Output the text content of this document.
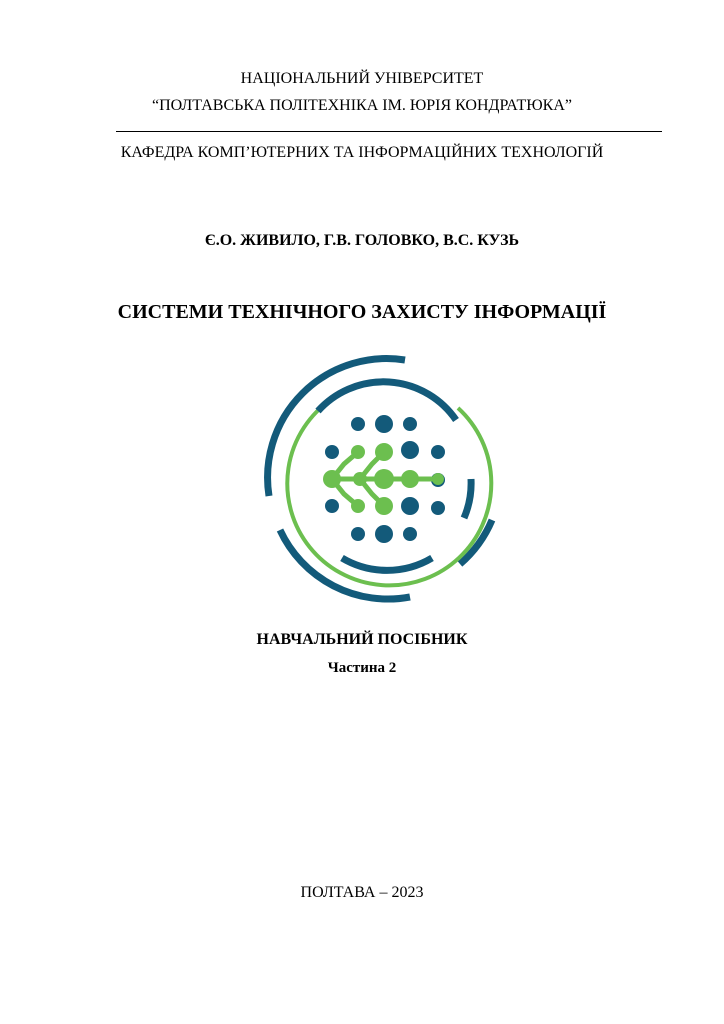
НАЦІОНАЛЬНИЙ УНІВЕРСИТЕТ
“ПОЛТАВСЬКА ПОЛІТЕХНІКА ІМ. ЮРІЯ КОНДРАТЮКА”
КАФЕДРА КОМП’ЮТЕРНИХ ТА ІНФОРМАЦІЙНИХ ТЕХНОЛОГІЙ
Є.О. ЖИВИЛО, Г.В. ГОЛОВКО, В.С. КУЗЬ
СИСТЕМИ ТЕХНІЧНОГО ЗАХИСТУ ІНФОРМАЦІЇ
НАВЧАЛЬНИЙ ПОСІБНИК
Частина 2
ПОЛТАВА – 2023
